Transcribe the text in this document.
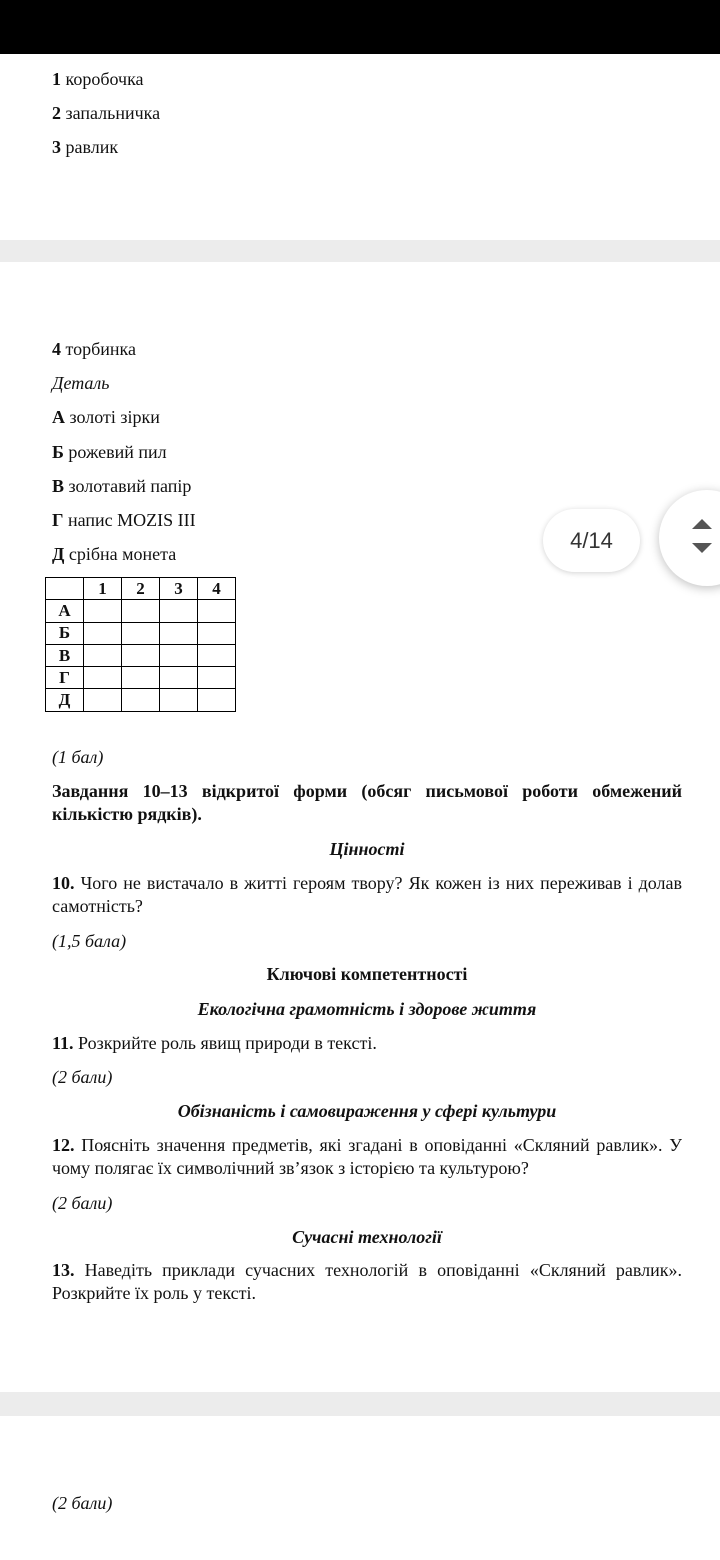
1 коробочка
2 запальничка
3 равлик
4 торбинка
Деталь
А золоті зірки
Б рожевий пил
В золотавий папір
Г напис MOZIS III
Д срібна монета
	1	2	3	4
А				
Б				
В				
Г				
Д				
(1 бал)
Завдання 10–13 відкритої форми (обсяг письмової роботи обмежений кількістю рядків).
Цінності
10. Чого не вистачало в житті героям твору? Як кожен із них переживав і долав самотність?
(1,5 бала)
Ключові компетентності
Екологічна грамотність і здорове життя
11. Розкрийте роль явищ природи в тексті.
(2 бали)
Обізнаність і самовираження у сфері культури
12. Поясніть значення предметів, які згадані в оповіданні «Скляний равлик». У чому полягає їх символічний зв’язок з історією та культурою?
(2 бали)
Сучасні технології
13. Наведіть приклади сучасних технологій в оповіданні «Скляний равлик». Розкрийте їх роль у тексті.
(2 бали)
4/14
